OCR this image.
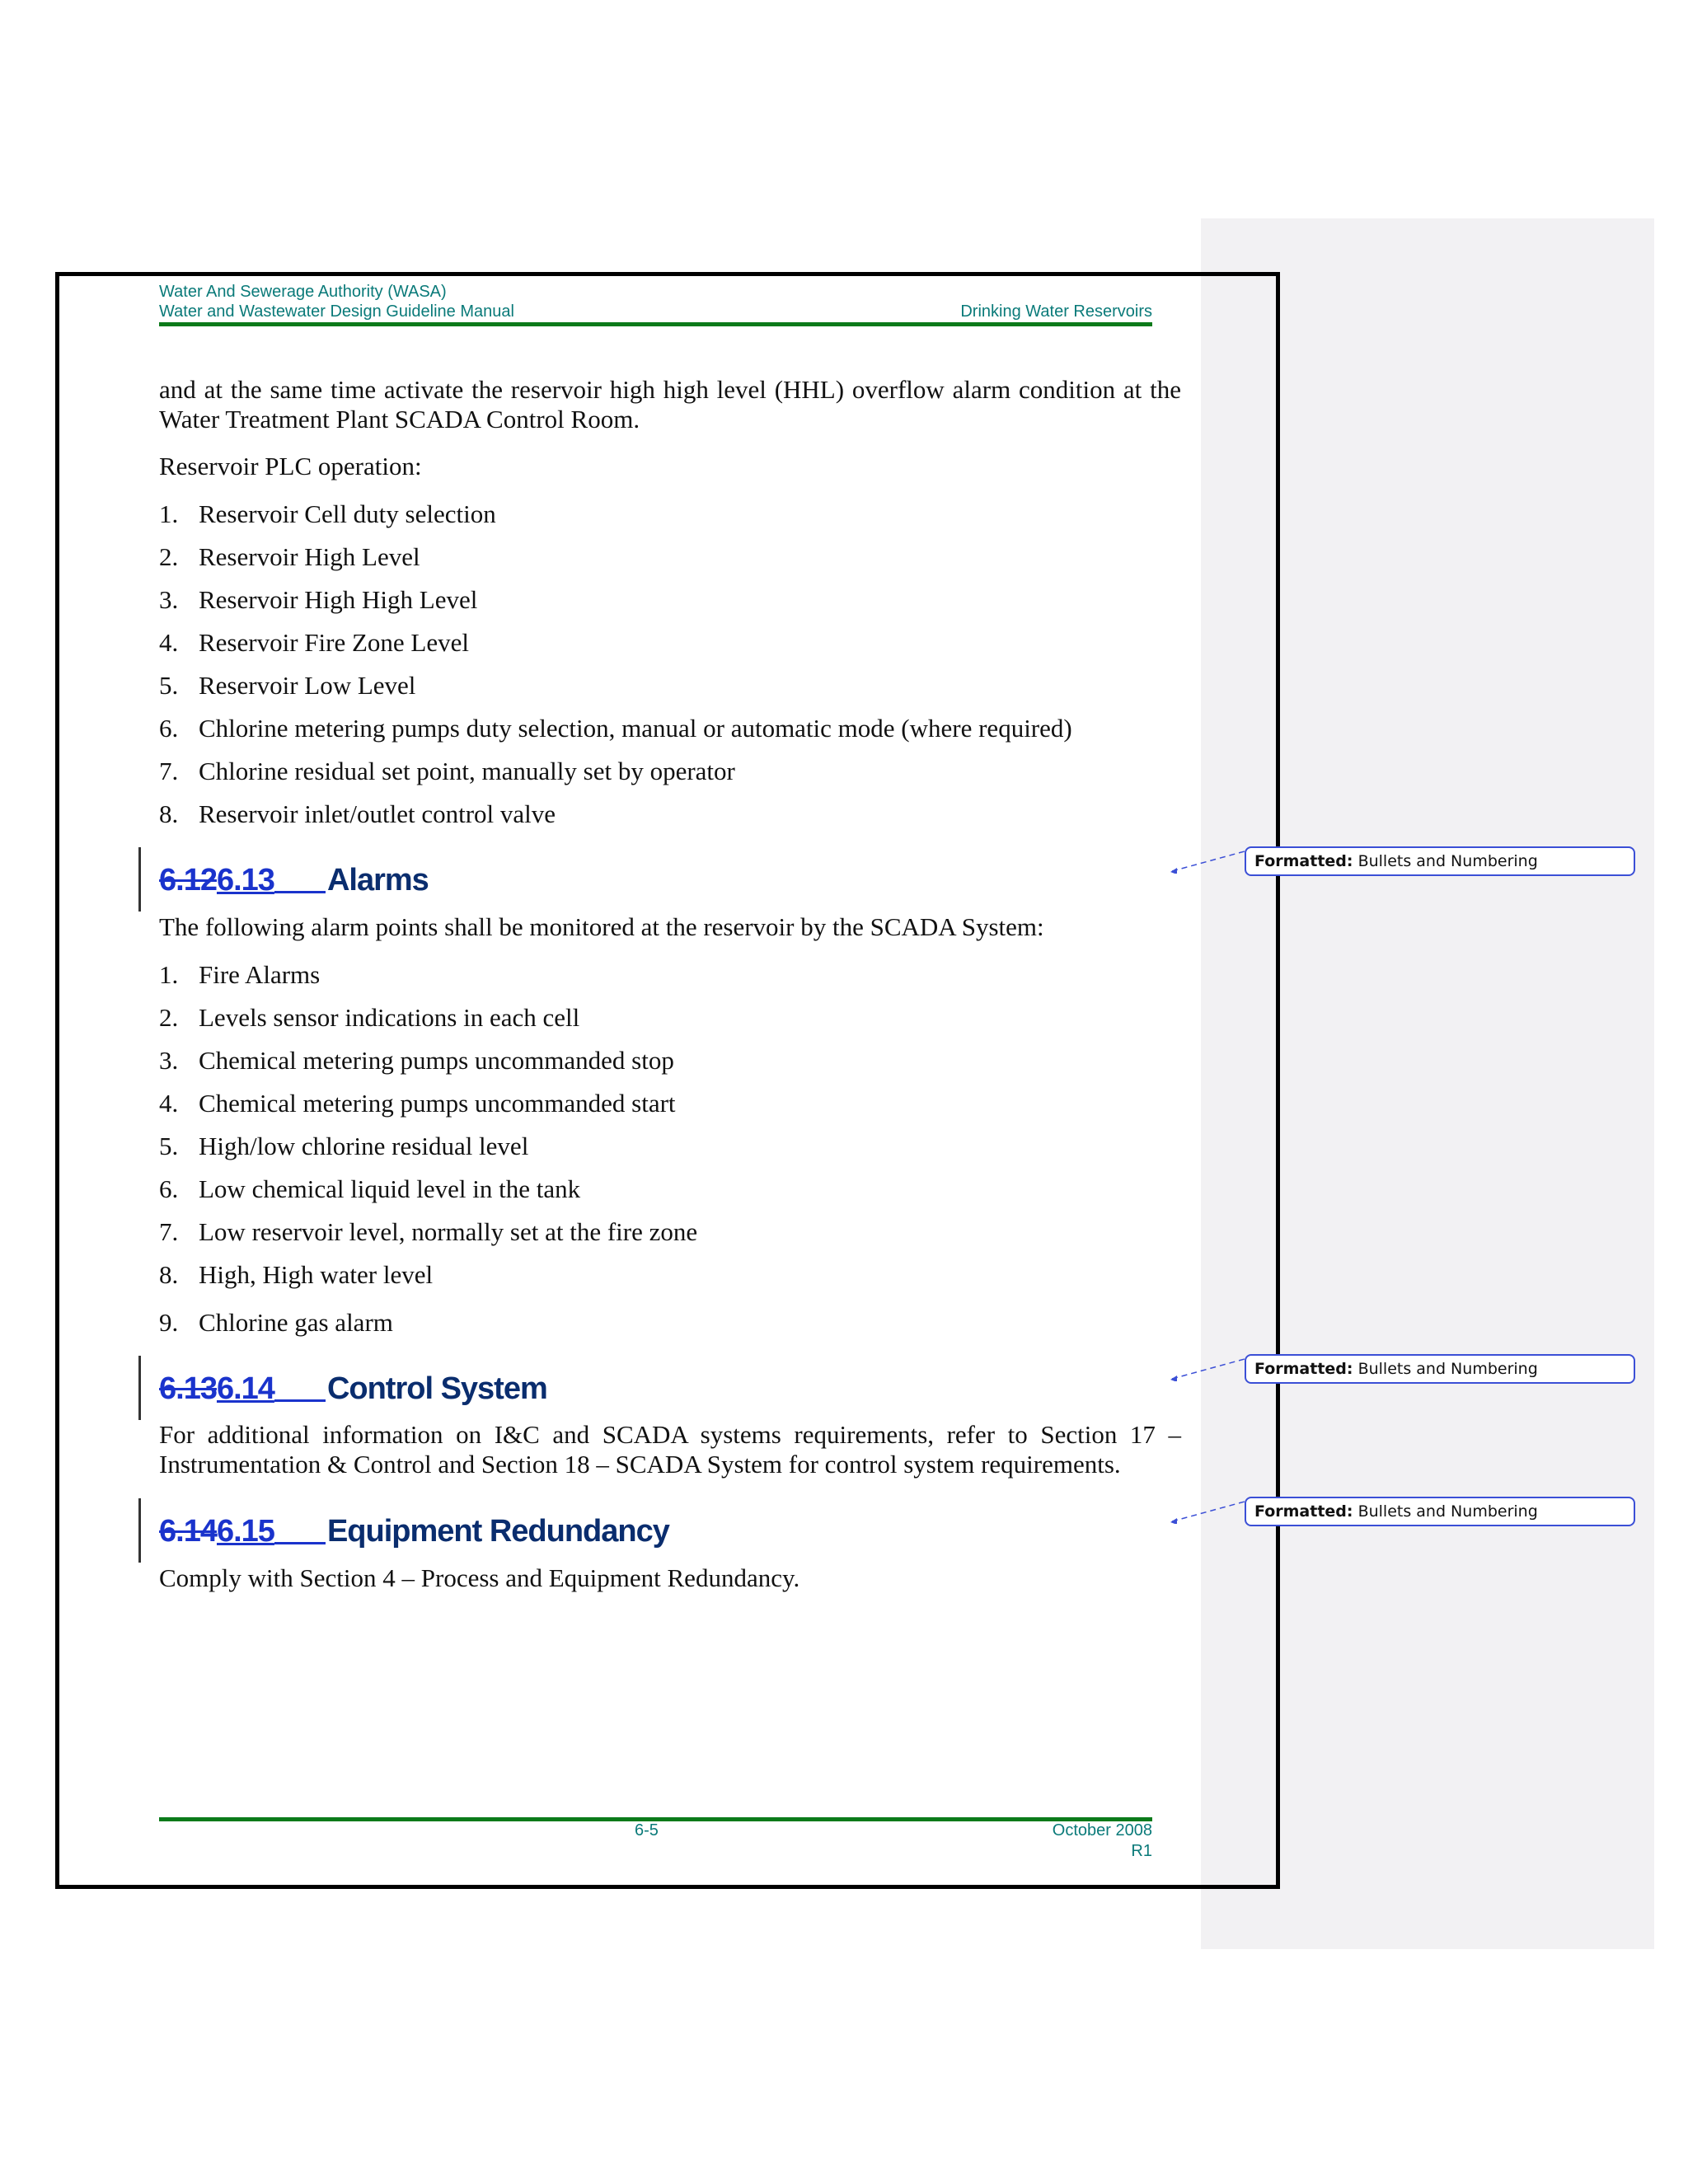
Water And Sewerage Authority (WASA)
Water and Wastewater Design Guideline Manual	Drinking Water Reservoirs
and at the same time activate the reservoir high high level (HHL) overflow alarm condition at the Water Treatment Plant SCADA Control Room.
Reservoir PLC operation:
1. Reservoir Cell duty selection
2. Reservoir High Level
3. Reservoir High High Level
4. Reservoir Fire Zone Level
5. Reservoir Low Level
6. Chlorine metering pumps duty selection, manual or automatic mode (where required)
7. Chlorine residual set point, manually set by operator
8. Reservoir inlet/outlet control valve
6.126.13 Alarms
The following alarm points shall be monitored at the reservoir by the SCADA System:
1. Fire Alarms
2. Levels sensor indications in each cell
3. Chemical metering pumps uncommanded stop
4. Chemical metering pumps uncommanded start
5. High/low chlorine residual level
6. Low chemical liquid level in the tank
7. Low reservoir level, normally set at the fire zone
8. High, High water level
9. Chlorine gas alarm
6.136.14 Control System
For additional information on I&C and SCADA systems requirements, refer to Section 17 – Instrumentation & Control and Section 18 – SCADA System for control system requirements.
6.146.15 Equipment Redundancy
Comply with Section 4 – Process and Equipment Redundancy.
Formatted: Bullets and Numbering
Formatted: Bullets and Numbering
Formatted: Bullets and Numbering
6-5	October 2008
R1
